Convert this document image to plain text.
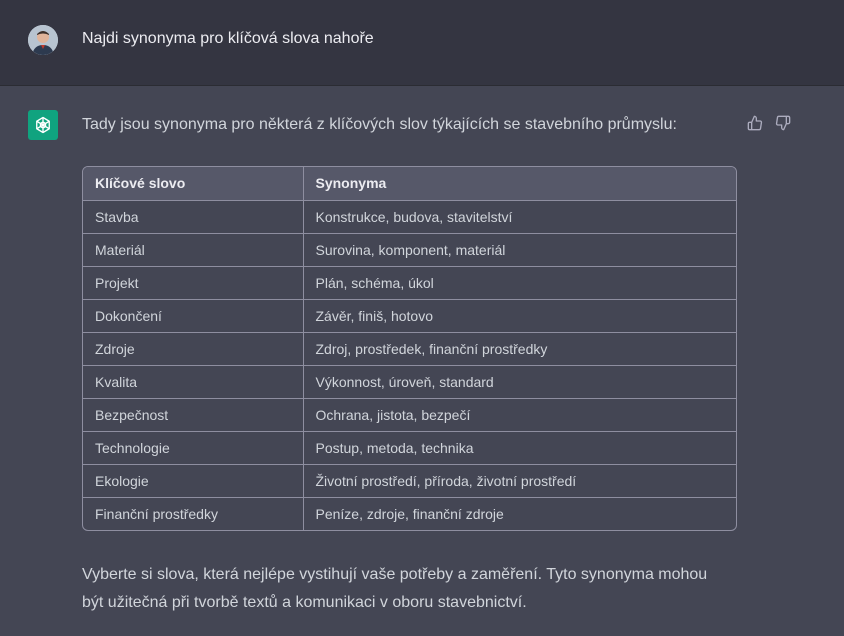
Najdi synonyma pro klíčová slova nahoře
Tady jsou synonyma pro některá z klíčových slov týkajících se stavebního průmyslu:
Klíčové slovo	Synonyma
Stavba	Konstrukce, budova, stavitelství
Materiál	Surovina, komponent, materiál
Projekt	Plán, schéma, úkol
Dokončení	Závěr, finiš, hotovo
Zdroje	Zdroj, prostředek, finanční prostředky
Kvalita	Výkonnost, úroveň, standard
Bezpečnost	Ochrana, jistota, bezpečí
Technologie	Postup, metoda, technika
Ekologie	Životní prostředí, příroda, životní prostředí
Finanční prostředky	Peníze, zdroje, finanční zdroje
Vyberte si slova, která nejlépe vystihují vaše potřeby a zaměření. Tyto synonyma mohou být užitečná při tvorbě textů a komunikaci v oboru stavebnictví.
